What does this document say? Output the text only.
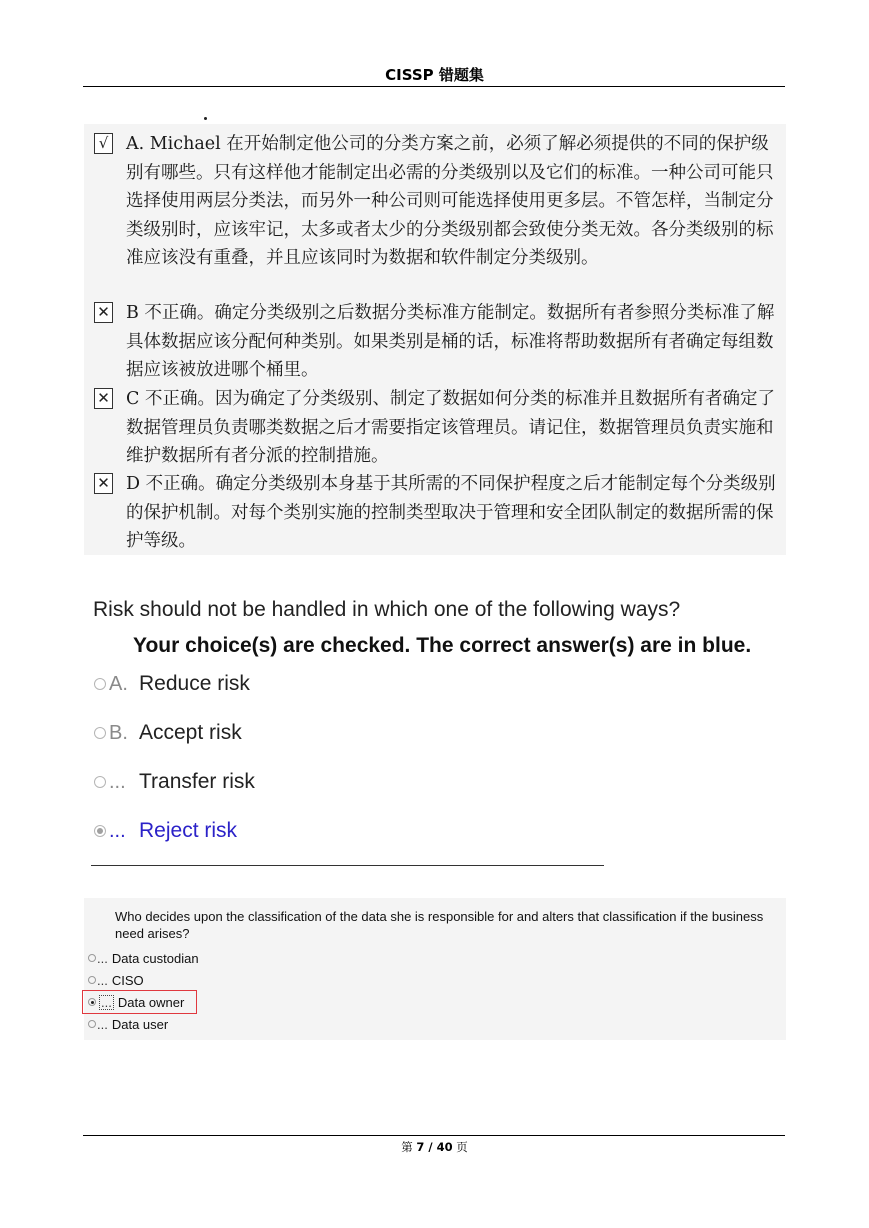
CISSP 错题集
√ A. Michael 在开始制定他公司的分类方案之前，必须了解必须提供的不同的保护级别有哪些。只有这样他才能制定出必需的分类级别以及它们的标准。一种公司可能只选择使用两层分类法，而另外一种公司则可能选择使用更多层。不管怎样，当制定分类级别时，应该牢记，太多或者太少的分类级别都会致使分类无效。各分类级别的标准应该没有重叠，并且应该同时为数据和软件制定分类级别。
✕ B 不正确。确定分类级别之后数据分类标准方能制定。数据所有者参照分类标准了解具体数据应该分配何种类别。如果类别是桶的话，标准将帮助数据所有者确定每组数据应该被放进哪个桶里。
✕ C 不正确。因为确定了分类级别、制定了数据如何分类的标准并且数据所有者确定了数据管理员负责哪类数据之后才需要指定该管理员。请记住，数据管理员负责实施和维护数据所有者分派的控制措施。
✕ D 不正确。确定分类级别本身基于其所需的不同保护程度之后才能制定每个分类级别的保护机制。对每个类别实施的控制类型取决于管理和安全团队制定的数据所需的保护等级。
Risk should not be handled in which one of the following ways?
Your choice(s) are checked. The correct answer(s) are in blue.
A. Reduce risk
B. Accept risk
... Transfer risk
... Reject risk
Who decides upon the classification of the data she is responsible for and alters that classification if the business need arises?
... Data custodian
... CISO
... Data owner
... Data user
第 7 / 40 页
